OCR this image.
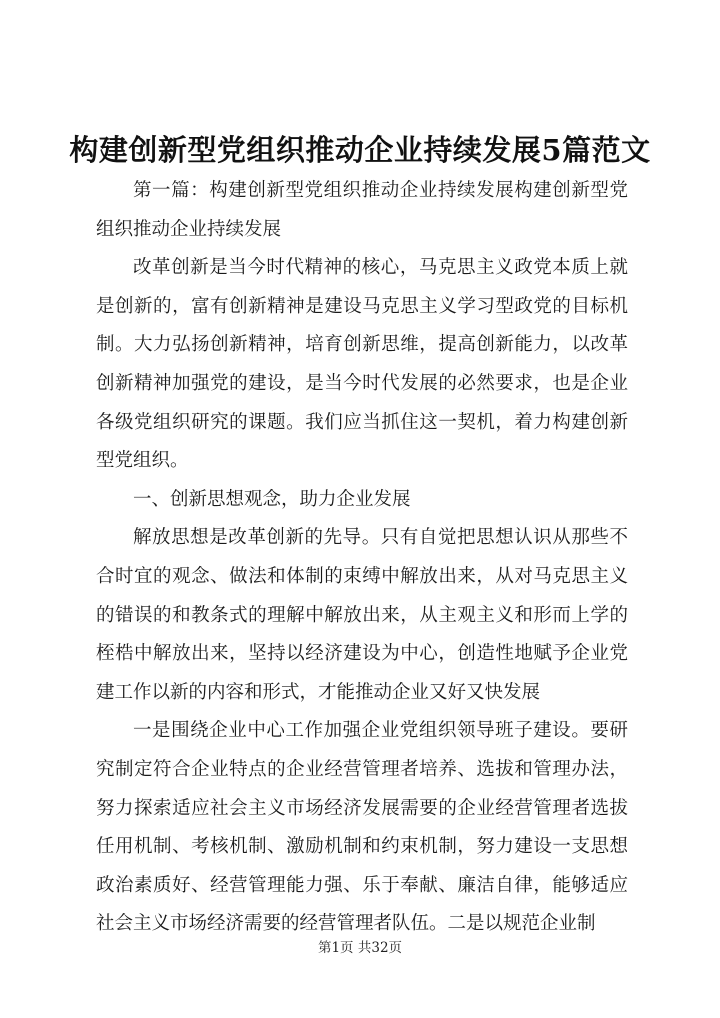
构建创新型党组织推动企业持续发展5篇范文

第一篇：构建创新型党组织推动企业持续发展构建创新型党组织推动企业持续发展

改革创新是当今时代精神的核心，马克思主义政党本质上就是创新的，富有创新精神是建设马克思主义学习型政党的目标机制。大力弘扬创新精神，培育创新思维，提高创新能力，以改革创新精神加强党的建设，是当今时代发展的必然要求，也是企业各级党组织研究的课题。我们应当抓住这一契机，着力构建创新型党组织。

一、创新思想观念，助力企业发展

解放思想是改革创新的先导。只有自觉把思想认识从那些不合时宜的观念、做法和体制的束缚中解放出来，从对马克思主义的错误的和教条式的理解中解放出来，从主观主义和形而上学的桎梏中解放出来，坚持以经济建设为中心，创造性地赋予企业党建工作以新的内容和形式，才能推动企业又好又快发展

一是围绕企业中心工作加强企业党组织领导班子建设。要研究制定符合企业特点的企业经营管理者培养、选拔和管理办法，努力探索适应社会主义市场经济发展需要的企业经营管理者选拔任用机制、考核机制、激励机制和约束机制，努力建设一支思想政治素质好、经营管理能力强、乐于奉献、廉洁自律，能够适应社会主义市场经济需要的经营管理者队伍。二是以规范企业制

第1页 共32页
